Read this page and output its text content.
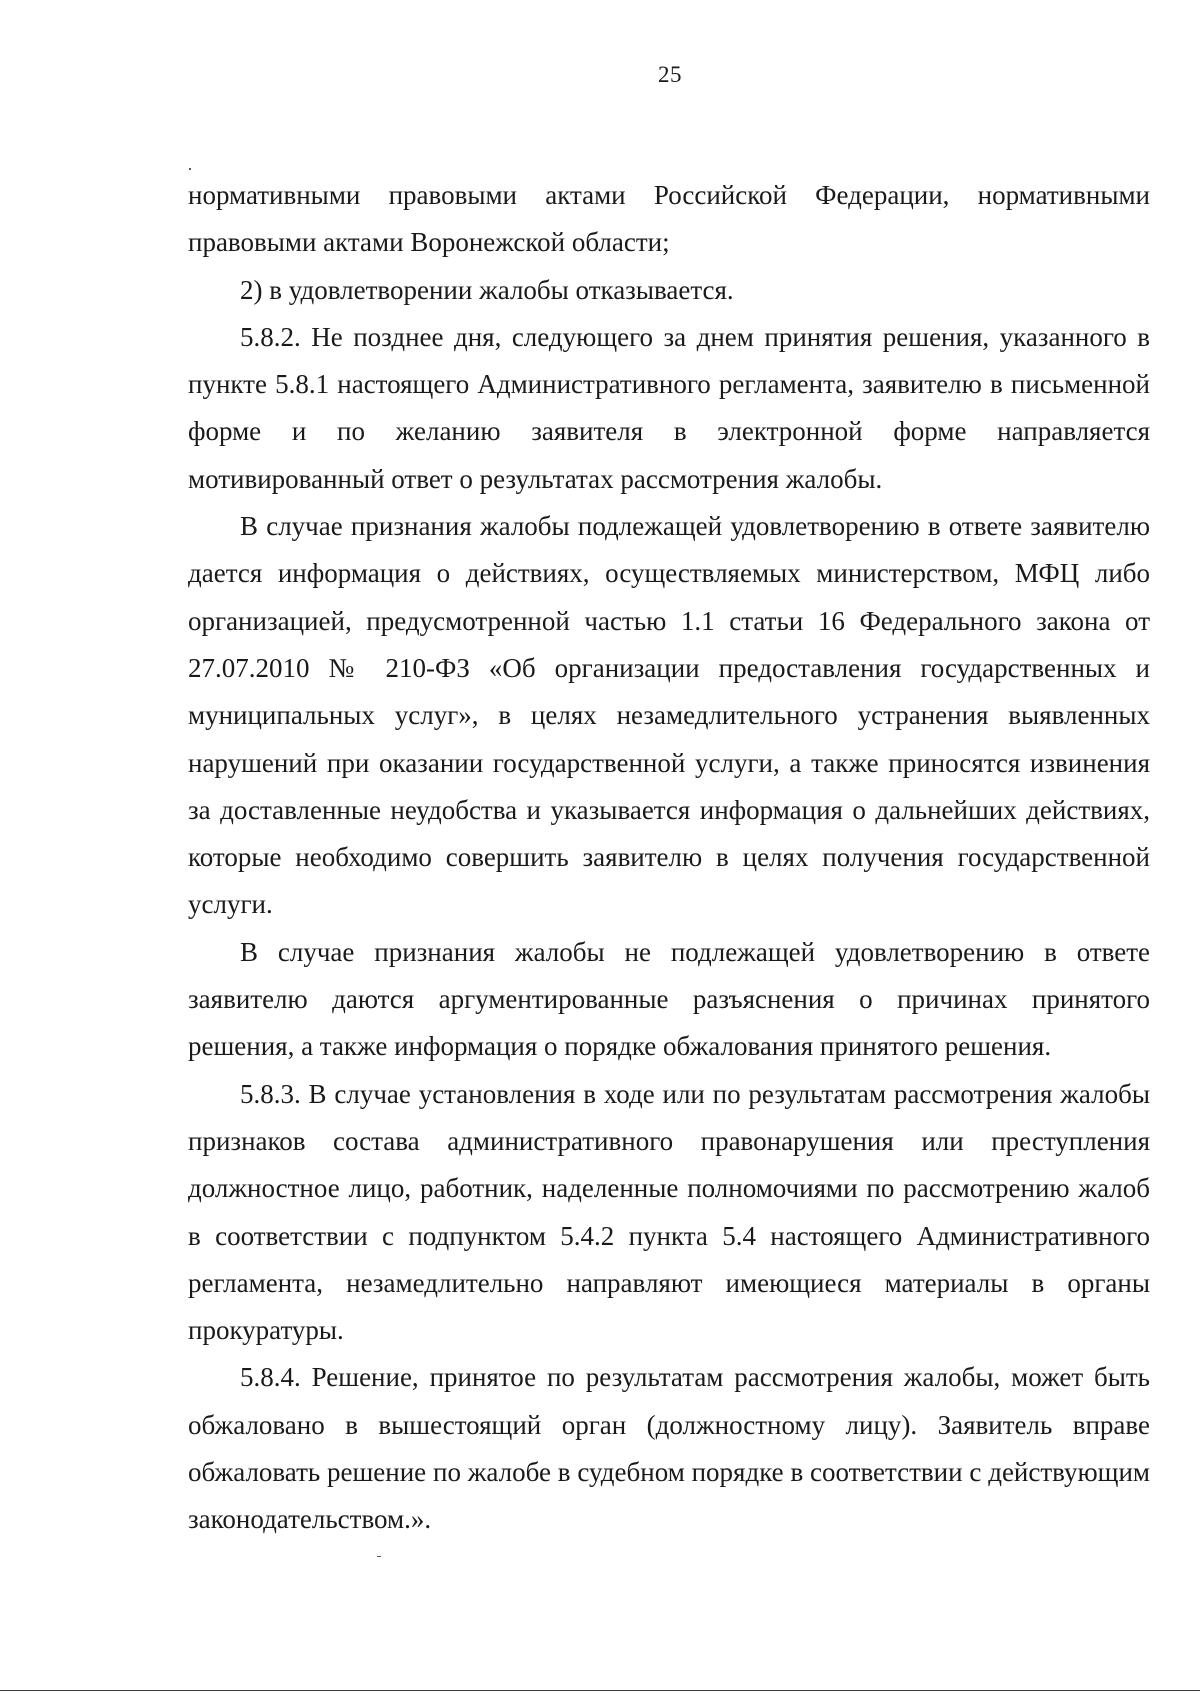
25

нормативными правовыми актами Российской Федерации, нормативными правовыми актами Воронежской области;

2) в удовлетворении жалобы отказывается.

5.8.2. Не позднее дня, следующего за днем принятия решения, указанного в пункте 5.8.1 настоящего Административного регламента, заявителю в письменной форме и по желанию заявителя в электронной форме направляется мотивированный ответ о результатах рассмотрения жалобы.

В случае признания жалобы подлежащей удовлетворению в ответе заявителю дается информация о действиях, осуществляемых министерством, МФЦ либо организацией, предусмотренной частью 1.1 статьи 16 Федерального закона от 27.07.2010 № 210-ФЗ «Об организации предоставления государственных и муниципальных услуг», в целях незамедлительного устранения выявленных нарушений при оказании государственной услуги, а также приносятся извинения за доставленные неудобства и указывается информация о дальнейших действиях, которые необходимо совершить заявителю в целях получения государственной услуги.

В случае признания жалобы не подлежащей удовлетворению в ответе заявителю даются аргументированные разъяснения о причинах принятого решения, а также информация о порядке обжалования принятого решения.

5.8.3. В случае установления в ходе или по результатам рассмотрения жалобы признаков состава административного правонарушения или преступления должностное лицо, работник, наделенные полномочиями по рассмотрению жалоб в соответствии с подпунктом 5.4.2 пункта 5.4 настоящего Административного регламента, незамедлительно направляют имеющиеся материалы в органы прокуратуры.

5.8.4. Решение, принятое по результатам рассмотрения жалобы, может быть обжаловано в вышестоящий орган (должностному лицу). Заявитель вправе обжаловать решение по жалобе в судебном порядке в соответствии с действующим законодательством.».
